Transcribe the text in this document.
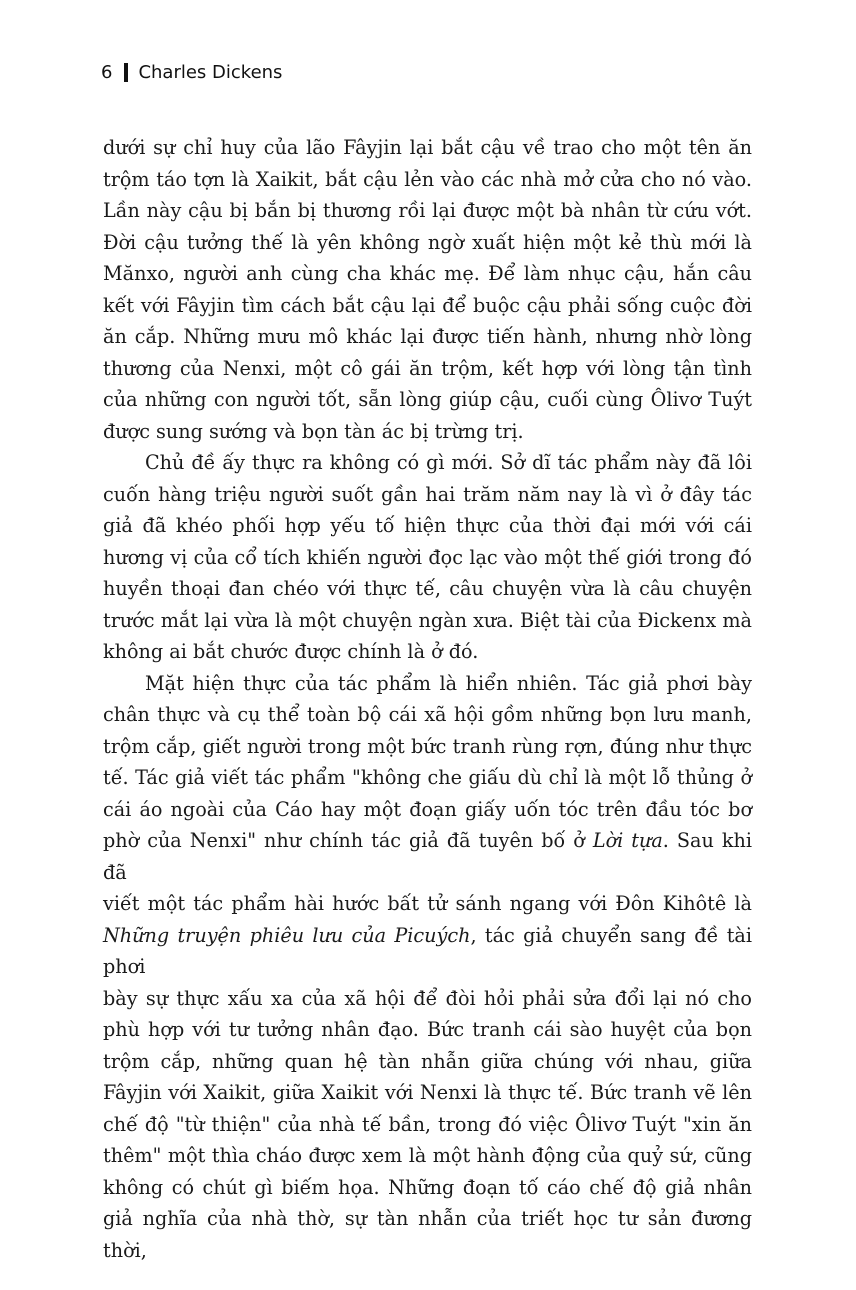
6 Charles Dickens

dưới sự chỉ huy của lão Fâyjin lại bắt cậu về trao cho một tên ăn
trộm táo tợn là Xaikit, bắt cậu lẻn vào các nhà mở cửa cho nó vào.
Lần này cậu bị bắn bị thương rồi lại được một bà nhân từ cứu vớt.
Đời cậu tưởng thế là yên không ngờ xuất hiện một kẻ thù mới là
Mănxo, người anh cùng cha khác mẹ. Để làm nhục cậu, hắn câu
kết với Fâyjin tìm cách bắt cậu lại để buộc cậu phải sống cuộc đời
ăn cắp. Những mưu mô khác lại được tiến hành, nhưng nhờ lòng
thương của Nenxi, một cô gái ăn trộm, kết hợp với lòng tận tình
của những con người tốt, sẵn lòng giúp cậu, cuối cùng Ôlivơ Tuýt
được sung sướng và bọn tàn ác bị trừng trị.

Chủ đề ấy thực ra không có gì mới. Sở dĩ tác phẩm này đã lôi
cuốn hàng triệu người suốt gần hai trăm năm nay là vì ở đây tác
giả đã khéo phối hợp yếu tố hiện thực của thời đại mới với cái
hương vị của cổ tích khiến người đọc lạc vào một thế giới trong đó
huyền thoại đan chéo với thực tế, câu chuyện vừa là câu chuyện
trước mắt lại vừa là một chuyện ngàn xưa. Biệt tài của Đickenx mà
không ai bắt chước được chính là ở đó.

Mặt hiện thực của tác phẩm là hiển nhiên. Tác giả phơi bày
chân thực và cụ thể toàn bộ cái xã hội gồm những bọn lưu manh,
trộm cắp, giết người trong một bức tranh rùng rợn, đúng như thực
tế. Tác giả viết tác phẩm "không che giấu dù chỉ là một lỗ thủng ở
cái áo ngoài của Cáo hay một đoạn giấy uốn tóc trên đầu tóc bơ
phờ của Nenxi" như chính tác giả đã tuyên bố ở Lời tựa. Sau khi đã
viết một tác phẩm hài hước bất tử sánh ngang với Đôn Kihôtê là
Những truyện phiêu lưu của Picuých, tác giả chuyển sang đề tài phơi
bày sự thực xấu xa của xã hội để đòi hỏi phải sửa đổi lại nó cho
phù hợp với tư tưởng nhân đạo. Bức tranh cái sào huyệt của bọn
trộm cắp, những quan hệ tàn nhẫn giữa chúng với nhau, giữa
Fâyjin với Xaikit, giữa Xaikit với Nenxi là thực tế. Bức tranh vẽ lên
chế độ "từ thiện" của nhà tế bần, trong đó việc Ôlivơ Tuýt "xin ăn
thêm" một thìa cháo được xem là một hành động của quỷ sứ, cũng
không có chút gì biếm họa. Những đoạn tố cáo chế độ giả nhân
giả nghĩa của nhà thờ, sự tàn nhẫn của triết học tư sản đương thời,
